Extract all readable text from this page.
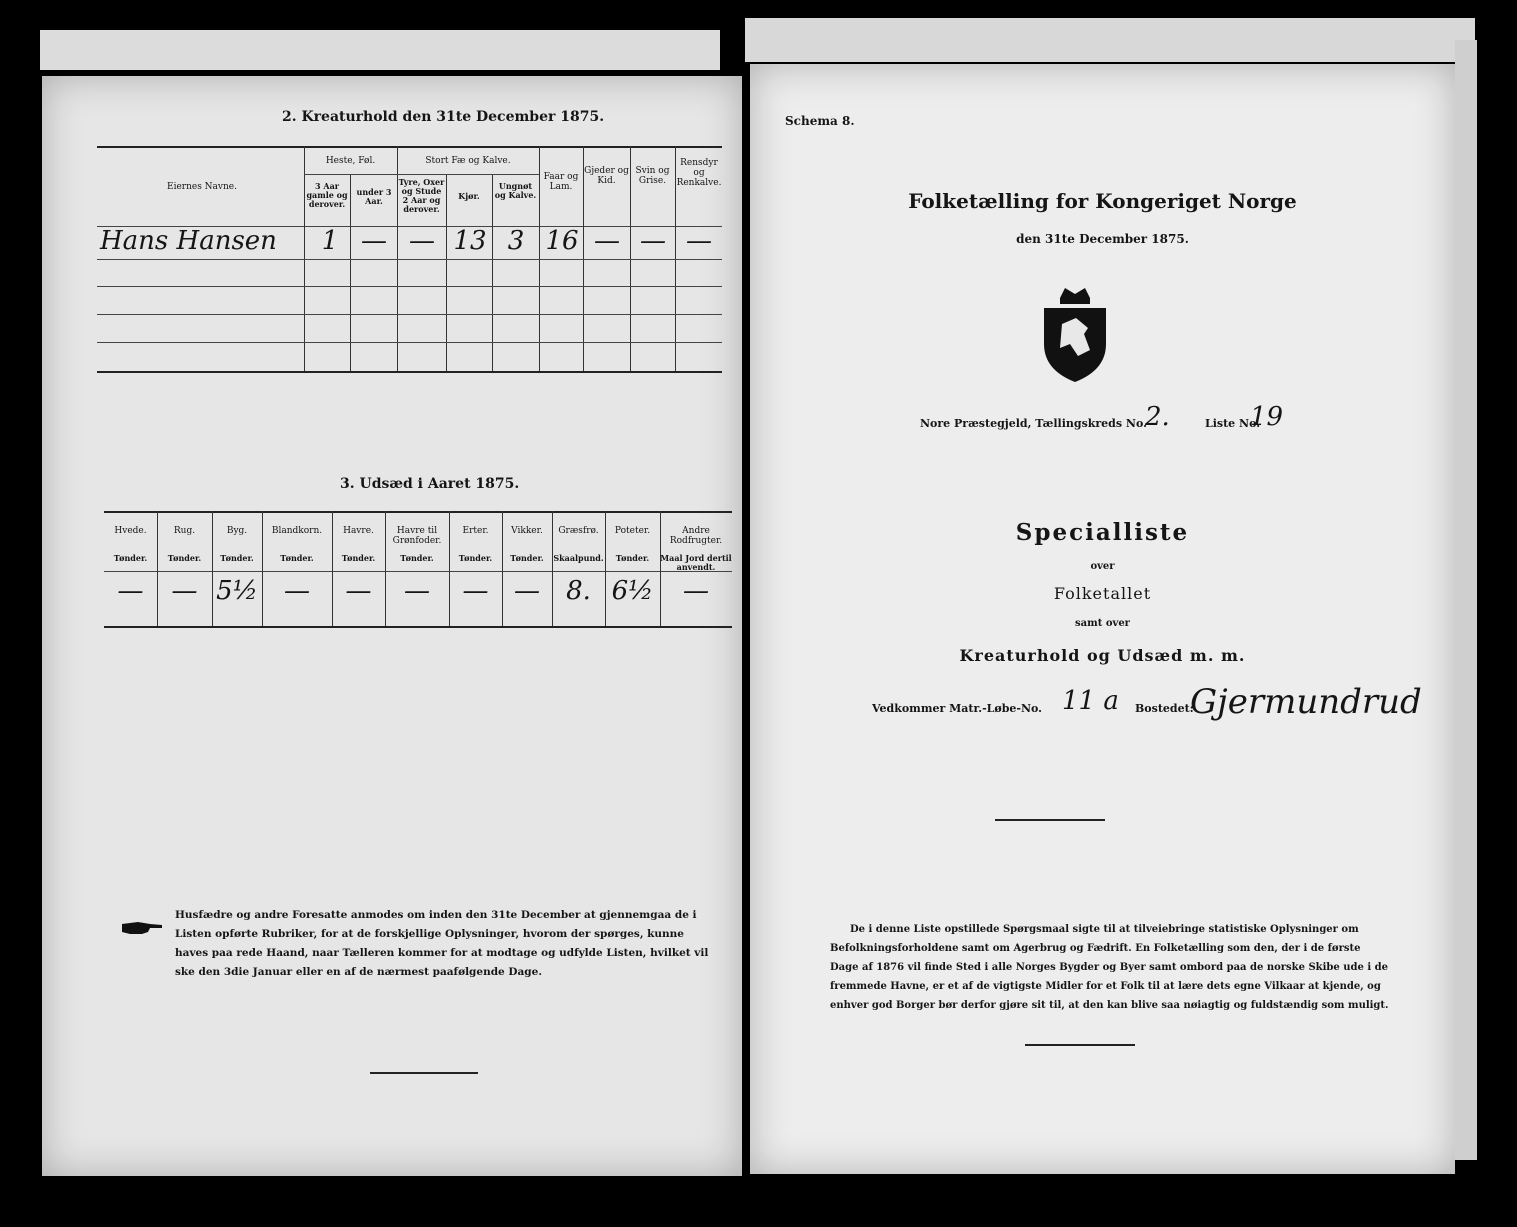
2. Kreaturhold den 31te December 1875.
Eiernes Navne.
Heste, Føl.
3 Aar gamle og derover.
under 3 Aar.
Stort Fæ og Kalve.
Tyre, Oxer og Stude 2 Aar og derover.
Kjør.
Ungnøt og Kalve.
Faar og Lam.
Gjeder og Kid.
Svin og Grise.
Rensdyr og Renkalve.
Hans Hansen	1 — — 13 3 16 — — —
3. Udsæd i Aaret 1875.
Hvede.
Tønder.
—
Rug.
Tønder.
—
Byg.
Tønder.
5½
Blandkorn.
Tønder.
—
Havre.
Tønder.
—
Havre til Grønfoder.
Tønder.
—
Erter.
Tønder.
—
Vikker.
Tønder.
—
Græsfrø.
Skaalpund.
8.
Poteter.
Tønder.
6½
Andre Rodfrugter.
Maal Jord dertil anvendt.
—
Husfædre og andre Foresatte anmodes om inden den 31te December at gjennemgaa de i Listen opførte Rubriker, for at de forskjellige Oplysninger, hvorom der spørges, kunne haves paa rede Haand, naar Tælleren kommer for at modtage og udfylde Listen, hvilket vil ske den 3die Januar eller en af de nærmest paafølgende Dage.
Schema 8.
Folketælling for Kongeriget Norge
den 31te December 1875.
Nore Præstegjeld, Tællingskreds No.
2.	Liste No.
19
Specialliste
over
Folketallet
samt over
Kreaturhold og Udsæd m. m.
Vedkommer Matr.-Løbe-No. 11 a Bostedet:
Gjermundrud
De i denne Liste opstillede Spørgsmaal sigte til at tilveiebringe statistiske Oplysninger om Befolkningsforholdene samt om Agerbrug og Fædrift. En Folketælling som den, der i de første Dage af 1876 vil finde Sted i alle Norges Bygder og Byer samt ombord paa de norske Skibe ude i de fremmede Havne, er et af de vigtigste Midler for et Folk til at lære dets egne Vilkaar at kjende, og enhver god Borger bør derfor gjøre sit til, at den kan blive saa nøiagtig og fuldstændig som muligt.
